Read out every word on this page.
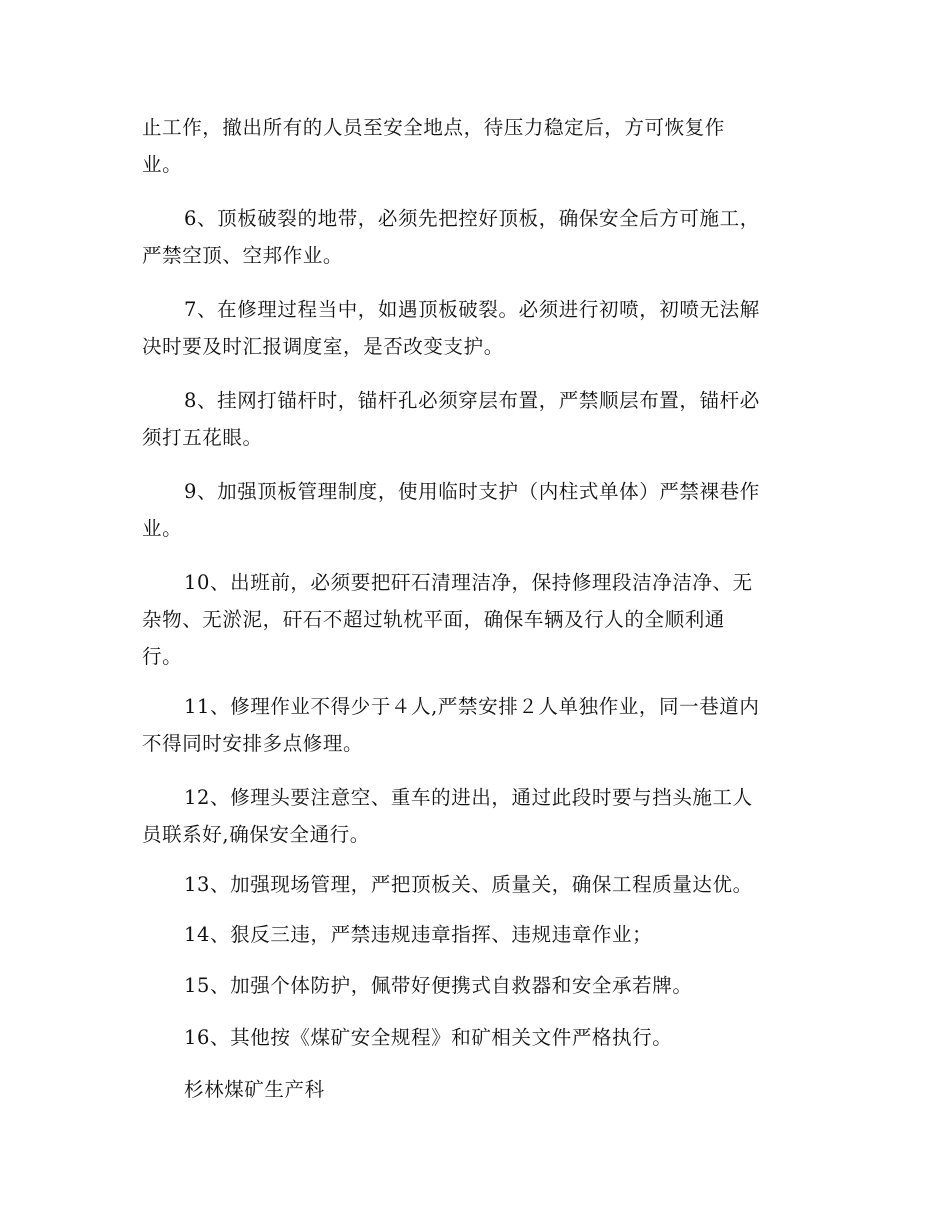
止工作，撤出所有的人员至安全地点，待压力稳定后，方可恢复作
业。

6、顶板破裂的地带，必须先把控好顶板，确保安全后方可施工，
严禁空顶、空邦作业。

7、在修理过程当中，如遇顶板破裂。必须进行初喷，初喷无法解
决时要及时汇报调度室，是否改变支护。

8、挂网打锚杆时，锚杆孔必须穿层布置，严禁顺层布置，锚杆必
须打五花眼。

9、加强顶板管理制度，使用临时支护（内柱式单体）严禁裸巷作
业。

10、出班前，必须要把矸石清理洁净，保持修理段洁净洁净、无
杂物、无淤泥，矸石不超过轨枕平面，确保车辆及行人的全顺利通
行。

11、修理作业不得少于４人,严禁安排２人单独作业，同一巷道内
不得同时安排多点修理。

12、修理头要注意空、重车的进出，通过此段时要与挡头施工人
员联系好,确保安全通行。

13、加强现场管理，严把顶板关、质量关，确保工程质量达优。

14、狠反三违，严禁违规违章指挥、违规违章作业；

15、加强个体防护，佩带好便携式自救器和安全承若牌。

16、其他按《煤矿安全规程》和矿相关文件严格执行。

杉林煤矿生产科
